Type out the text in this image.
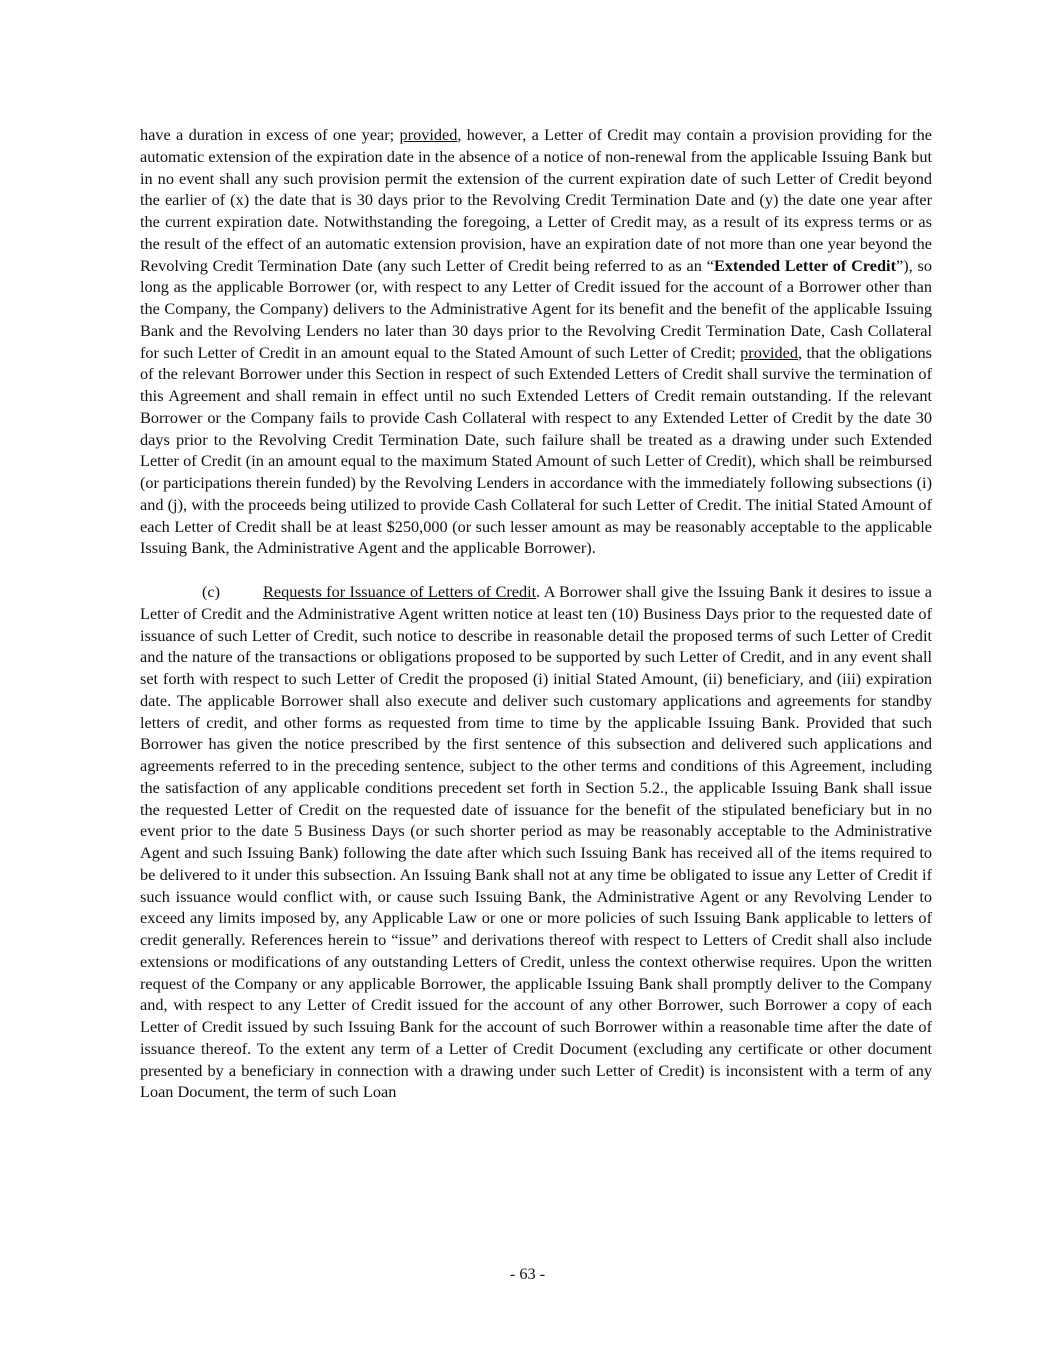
have a duration in excess of one year; provided, however, a Letter of Credit may contain a provision providing for the automatic extension of the expiration date in the absence of a notice of non-renewal from the applicable Issuing Bank but in no event shall any such provision permit the extension of the current expiration date of such Letter of Credit beyond the earlier of (x) the date that is 30 days prior to the Revolving Credit Termination Date and (y) the date one year after the current expiration date. Notwithstanding the foregoing, a Letter of Credit may, as a result of its express terms or as the result of the effect of an automatic extension provision, have an expiration date of not more than one year beyond the Revolving Credit Termination Date (any such Letter of Credit being referred to as an “Extended Letter of Credit”), so long as the applicable Borrower (or, with respect to any Letter of Credit issued for the account of a Borrower other than the Company, the Company) delivers to the Administrative Agent for its benefit and the benefit of the applicable Issuing Bank and the Revolving Lenders no later than 30 days prior to the Revolving Credit Termination Date, Cash Collateral for such Letter of Credit in an amount equal to the Stated Amount of such Letter of Credit; provided, that the obligations of the relevant Borrower under this Section in respect of such Extended Letters of Credit shall survive the termination of this Agreement and shall remain in effect until no such Extended Letters of Credit remain outstanding. If the relevant Borrower or the Company fails to provide Cash Collateral with respect to any Extended Letter of Credit by the date 30 days prior to the Revolving Credit Termination Date, such failure shall be treated as a drawing under such Extended Letter of Credit (in an amount equal to the maximum Stated Amount of such Letter of Credit), which shall be reimbursed (or participations therein funded) by the Revolving Lenders in accordance with the immediately following subsections (i) and (j), with the proceeds being utilized to provide Cash Collateral for such Letter of Credit. The initial Stated Amount of each Letter of Credit shall be at least $250,000 (or such lesser amount as may be reasonably acceptable to the applicable Issuing Bank, the Administrative Agent and the applicable Borrower).

(c)	Requests for Issuance of Letters of Credit. A Borrower shall give the Issuing Bank it desires to issue a Letter of Credit and the Administrative Agent written notice at least ten (10) Business Days prior to the requested date of issuance of such Letter of Credit, such notice to describe in reasonable detail the proposed terms of such Letter of Credit and the nature of the transactions or obligations proposed to be supported by such Letter of Credit, and in any event shall set forth with respect to such Letter of Credit the proposed (i) initial Stated Amount, (ii) beneficiary, and (iii) expiration date. The applicable Borrower shall also execute and deliver such customary applications and agreements for standby letters of credit, and other forms as requested from time to time by the applicable Issuing Bank. Provided that such Borrower has given the notice prescribed by the first sentence of this subsection and delivered such applications and agreements referred to in the preceding sentence, subject to the other terms and conditions of this Agreement, including the satisfaction of any applicable conditions precedent set forth in Section 5.2., the applicable Issuing Bank shall issue the requested Letter of Credit on the requested date of issuance for the benefit of the stipulated beneficiary but in no event prior to the date 5 Business Days (or such shorter period as may be reasonably acceptable to the Administrative Agent and such Issuing Bank) following the date after which such Issuing Bank has received all of the items required to be delivered to it under this subsection. An Issuing Bank shall not at any time be obligated to issue any Letter of Credit if such issuance would conflict with, or cause such Issuing Bank, the Administrative Agent or any Revolving Lender to exceed any limits imposed by, any Applicable Law or one or more policies of such Issuing Bank applicable to letters of credit generally. References herein to “issue” and derivations thereof with respect to Letters of Credit shall also include extensions or modifications of any outstanding Letters of Credit, unless the context otherwise requires. Upon the written request of the Company or any applicable Borrower, the applicable Issuing Bank shall promptly deliver to the Company and, with respect to any Letter of Credit issued for the account of any other Borrower, such Borrower a copy of each Letter of Credit issued by such Issuing Bank for the account of such Borrower within a reasonable time after the date of issuance thereof. To the extent any term of a Letter of Credit Document (excluding any certificate or other document presented by a beneficiary in connection with a drawing under such Letter of Credit) is inconsistent with a term of any Loan Document, the term of such Loan

- 63 -
